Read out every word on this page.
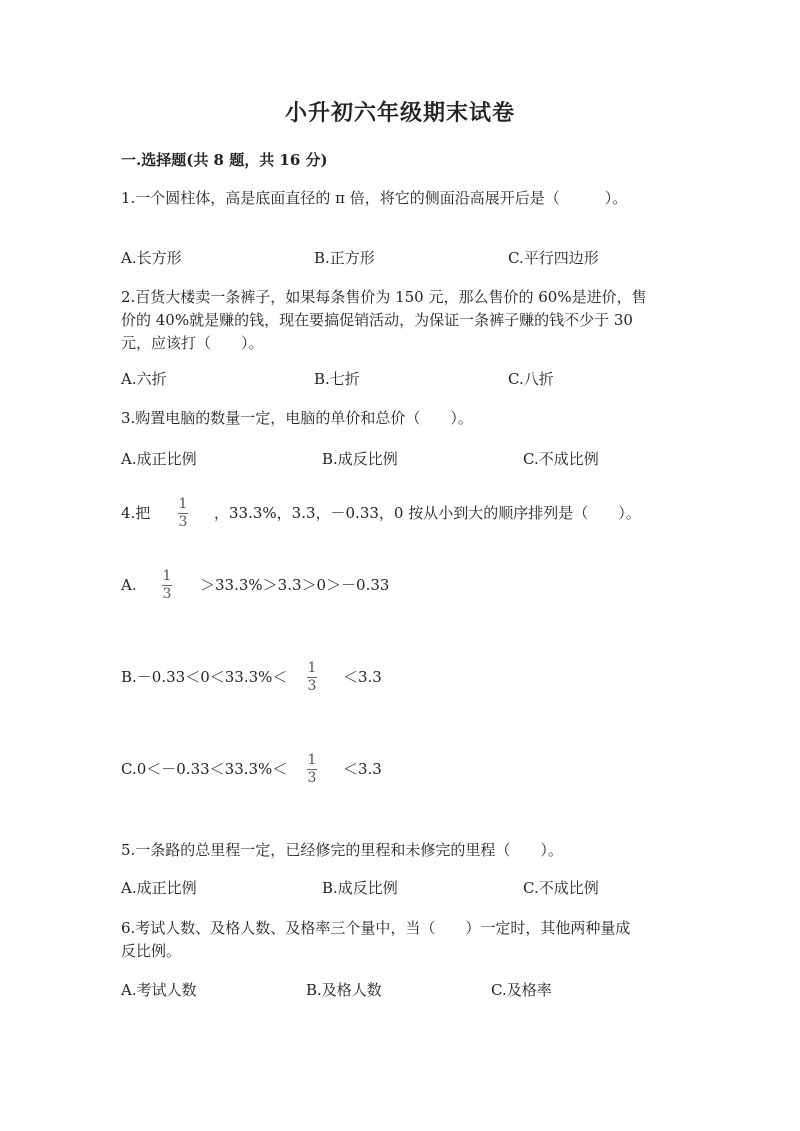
小升初六年级期末试卷
一.选择题(共 8 题，共 16 分)
1.一个圆柱体，高是底面直径的 π 倍，将它的侧面沿高展开后是（　　　）。
A.长方形	B.正方形	C.平行四边形
2.百货大楼卖一条裤子，如果每条售价为 150 元，那么售价的 60%是进价，售
价的 40%就是赚的钱，现在要搞促销活动，为保证一条裤子赚的钱不少于 30
元，应该打（　　）。
A.六折	B.七折	C.八折
3.购置电脑的数量一定，电脑的单价和总价（　　）。
A.成正比例	B.成反比例	C.不成比例
4.把 1
3 ，33.3%，3.3，－0.33，0 按从小到大的顺序排列是（　　）。
A. 1
3 ＞33.3%＞3.3＞0＞－0.33
B.－0.33＜0＜33.3%＜ 1
3 ＜3.3
C.0＜－0.33＜33.3%＜ 1
3 ＜3.3
5.一条路的总里程一定，已经修完的里程和未修完的里程（　　）。
A.成正比例	B.成反比例	C.不成比例
6.考试人数、及格人数、及格率三个量中，当（　　）一定时，其他两种量成
反比例。
A.考试人数	B.及格人数	C.及格率
